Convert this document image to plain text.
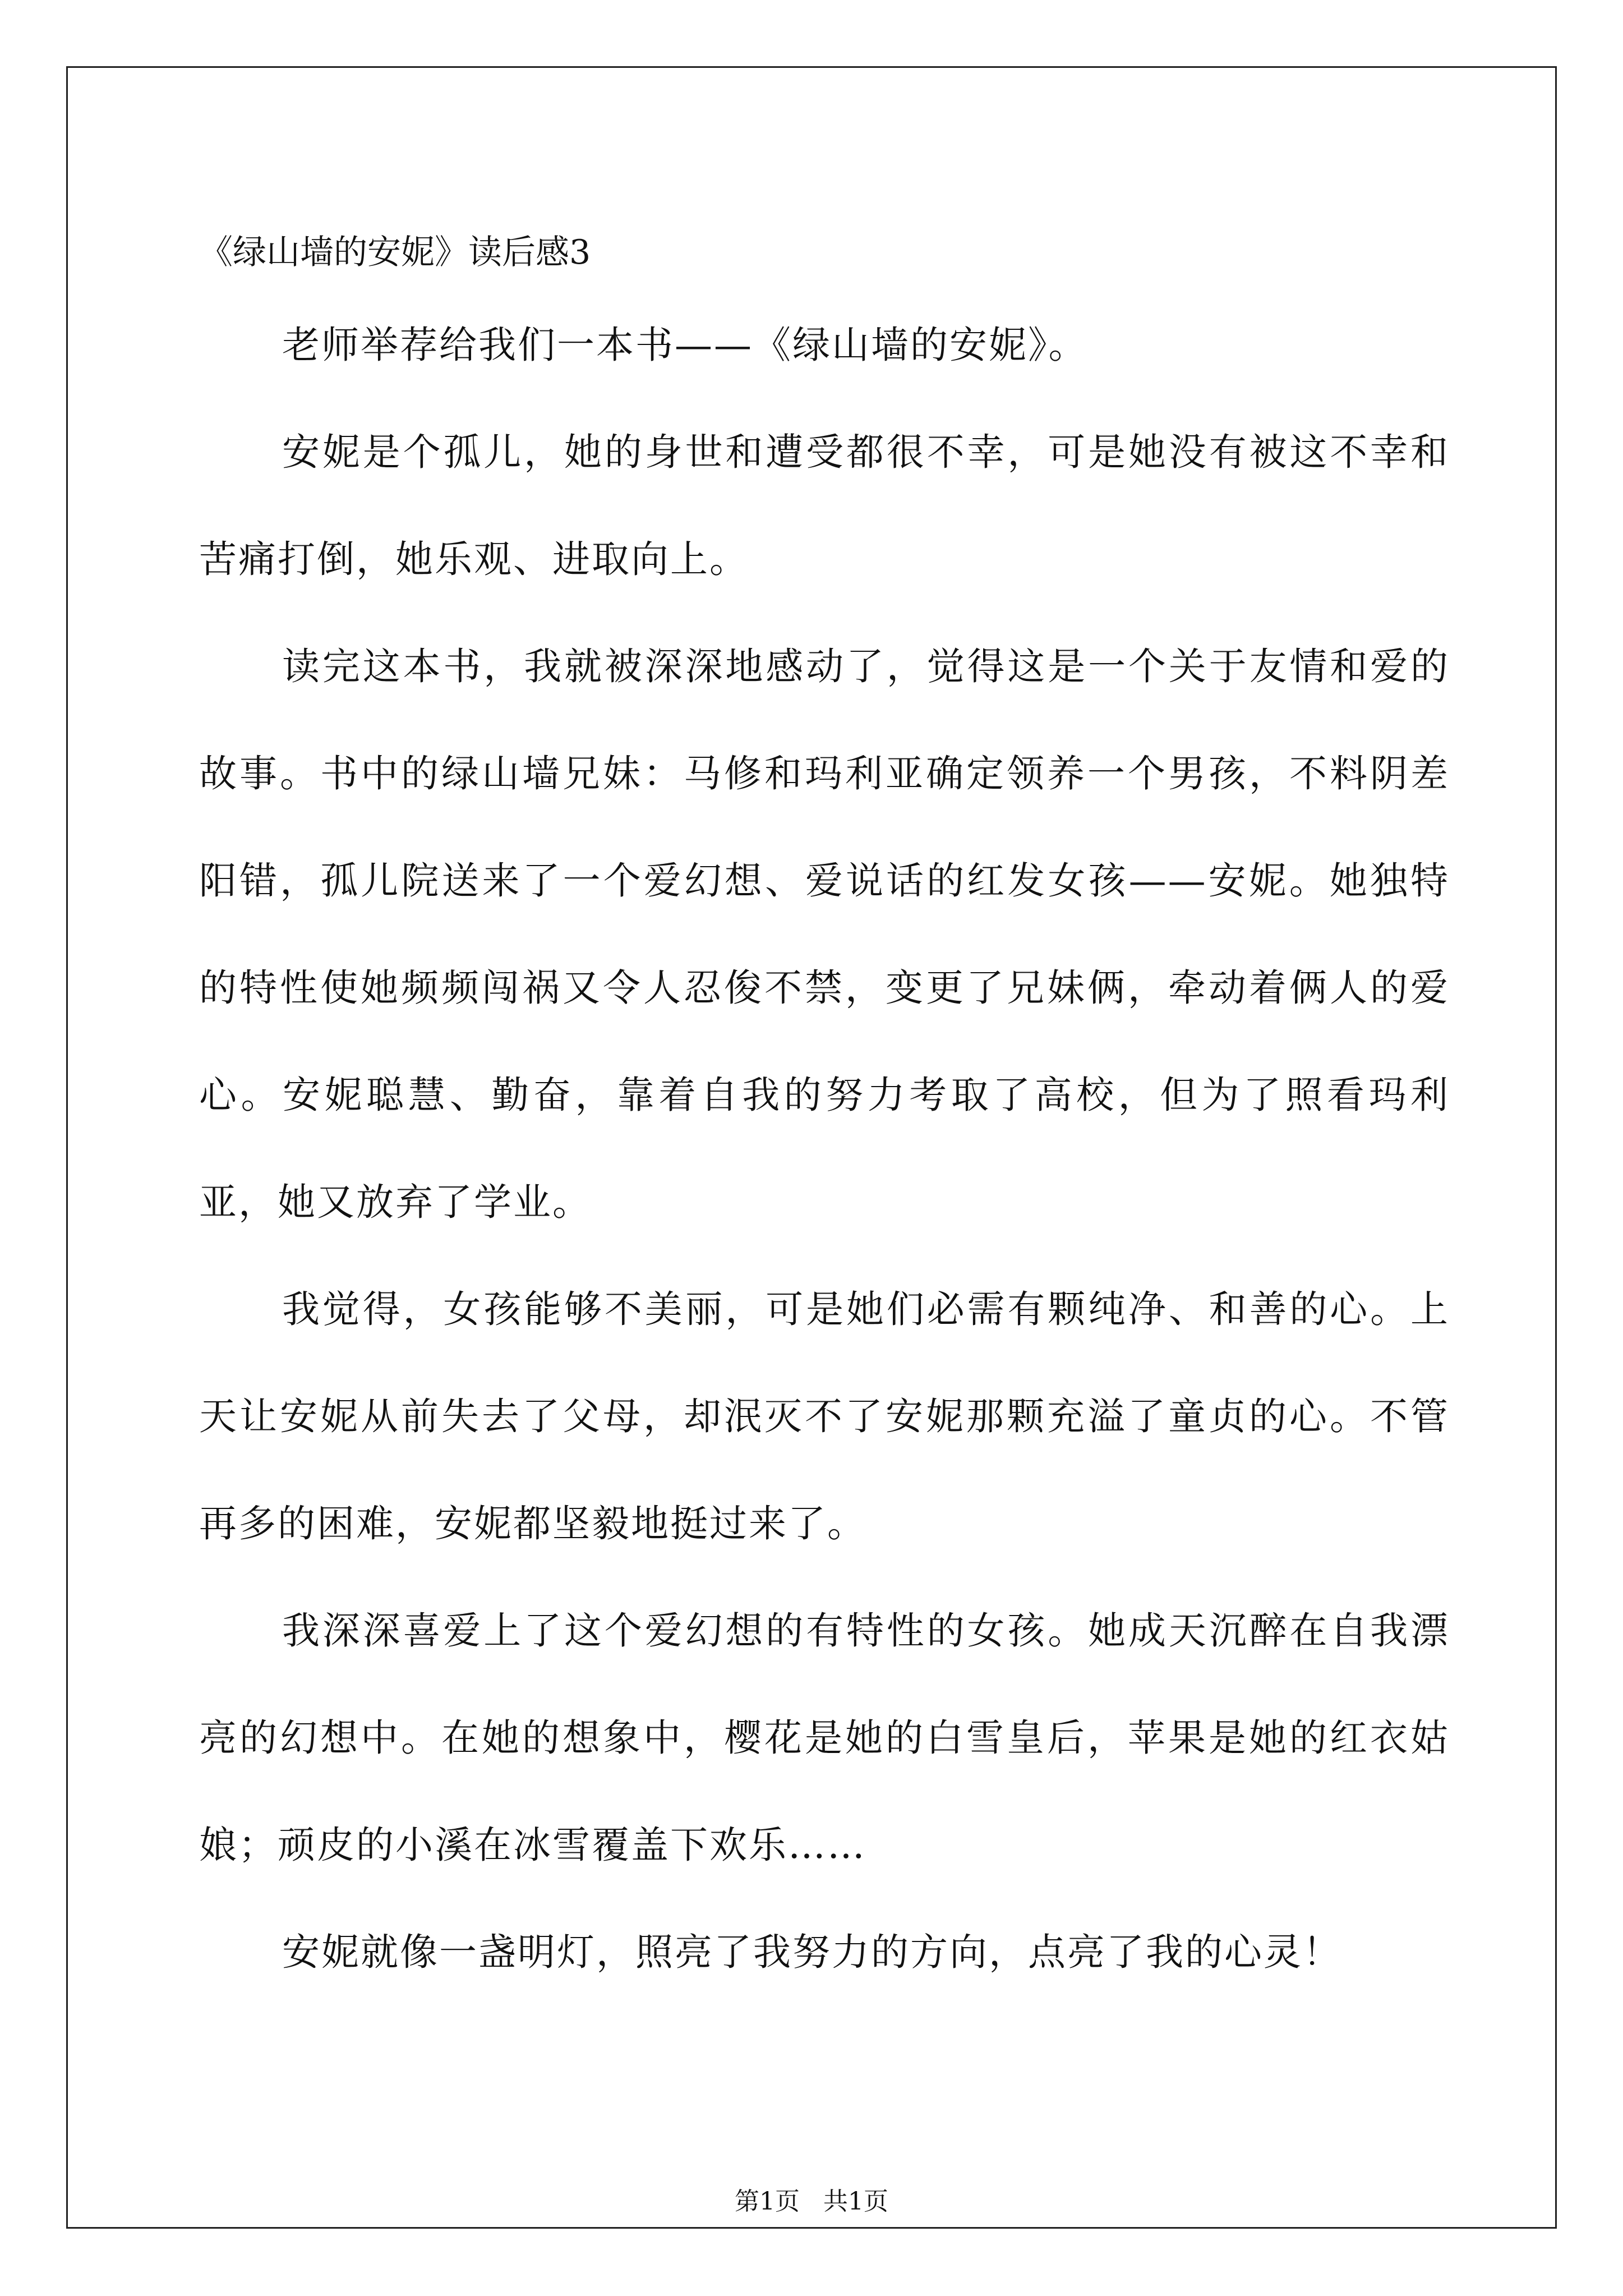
《绿山墙的安妮》读后感3

老师举荐给我们一本书——《绿山墙的安妮》。

安妮是个孤儿，她的身世和遭受都很不幸，可是她没有被这不幸和苦痛打倒，她乐观、进取向上。

读完这本书，我就被深深地感动了，觉得这是一个关于友情和爱的故事。书中的绿山墙兄妹：马修和玛利亚确定领养一个男孩，不料阴差阳错，孤儿院送来了一个爱幻想、爱说话的红发女孩——安妮。她独特的特性使她频频闯祸又令人忍俊不禁，变更了兄妹俩，牵动着俩人的爱心。安妮聪慧、勤奋，靠着自我的努力考取了高校，但为了照看玛利亚，她又放弃了学业。

我觉得，女孩能够不美丽，可是她们必需有颗纯净、和善的心。上天让安妮从前失去了父母，却泯灭不了安妮那颗充溢了童贞的心。不管再多的困难，安妮都坚毅地挺过来了。

我深深喜爱上了这个爱幻想的有特性的女孩。她成天沉醉在自我漂亮的幻想中。在她的想象中，樱花是她的白雪皇后，苹果是她的红衣姑娘；顽皮的小溪在冰雪覆盖下欢乐……

安妮就像一盏明灯，照亮了我努力的方向，点亮了我的心灵！

第1页   共1页
